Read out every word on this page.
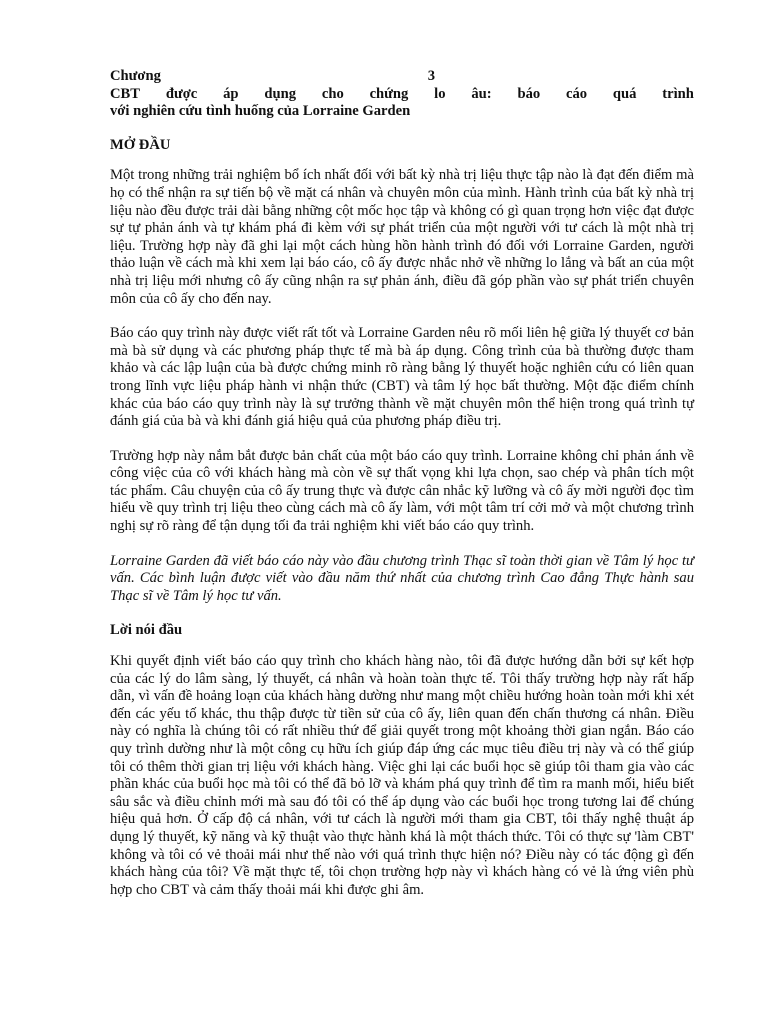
Chương	3
CBT được áp dụng cho chứng lo âu: báo cáo quá trình
với nghiên cứu tình huống của Lorraine Garden
MỞ ĐẦU

Một trong những trải nghiệm bổ ích nhất đối với bất kỳ nhà trị liệu thực tập nào là đạt đến điểm mà họ có thể nhận ra sự tiến bộ về mặt cá nhân và chuyên môn của mình. Hành trình của bất kỳ nhà trị liệu nào đều được trải dài bằng những cột mốc học tập và không có gì quan trọng hơn việc đạt được sự tự phản ánh và tự khám phá đi kèm với sự phát triển của một người với tư cách là một nhà trị liệu. Trường hợp này đã ghi lại một cách hùng hồn hành trình đó đối với Lorraine Garden, người thảo luận về cách mà khi xem lại báo cáo, cô ấy được nhắc nhở về những lo lắng và bất an của một nhà trị liệu mới nhưng cô ấy cũng nhận ra sự phản ánh, điều đã góp phần vào sự phát triển chuyên môn của cô ấy cho đến nay.

Báo cáo quy trình này được viết rất tốt và Lorraine Garden nêu rõ mối liên hệ giữa lý thuyết cơ bản mà bà sử dụng và các phương pháp thực tế mà bà áp dụng. Công trình của bà thường được tham khảo và các lập luận của bà được chứng minh rõ ràng bằng lý thuyết hoặc nghiên cứu có liên quan trong lĩnh vực liệu pháp hành vi nhận thức (CBT) và tâm lý học bất thường. Một đặc điểm chính khác của báo cáo quy trình này là sự trưởng thành về mặt chuyên môn thể hiện trong quá trình tự đánh giá của bà và khi đánh giá hiệu quả của phương pháp điều trị.

Trường hợp này nắm bắt được bản chất của một báo cáo quy trình. Lorraine không chỉ phản ánh về công việc của cô với khách hàng mà còn về sự thất vọng khi lựa chọn, sao chép và phân tích một tác phẩm. Câu chuyện của cô ấy trung thực và được cân nhắc kỹ lưỡng và cô ấy mời người đọc tìm hiểu về quy trình trị liệu theo cùng cách mà cô ấy làm, với một tâm trí cởi mở và một chương trình nghị sự rõ ràng để tận dụng tối đa trải nghiệm khi viết báo cáo quy trình.

Lorraine Garden đã viết báo cáo này vào đầu chương trình Thạc sĩ toàn thời gian về Tâm lý học tư vấn. Các bình luận được viết vào đầu năm thứ nhất của chương trình Cao đẳng Thực hành sau Thạc sĩ về Tâm lý học tư vấn.

Lời nói đầu

Khi quyết định viết báo cáo quy trình cho khách hàng nào, tôi đã được hướng dẫn bởi sự kết hợp của các lý do lâm sàng, lý thuyết, cá nhân và hoàn toàn thực tế. Tôi thấy trường hợp này rất hấp dẫn, vì vấn đề hoảng loạn của khách hàng dường như mang một chiều hướng hoàn toàn mới khi xét đến các yếu tố khác, thu thập được từ tiền sử của cô ấy, liên quan đến chấn thương cá nhân. Điều này có nghĩa là chúng tôi có rất nhiều thứ để giải quyết trong một khoảng thời gian ngắn. Báo cáo quy trình dường như là một công cụ hữu ích giúp đáp ứng các mục tiêu điều trị này và có thể giúp tôi có thêm thời gian trị liệu với khách hàng. Việc ghi lại các buổi học sẽ giúp tôi tham gia vào các phần khác của buổi học mà tôi có thể đã bỏ lỡ và khám phá quy trình để tìm ra manh mối, hiểu biết sâu sắc và điều chỉnh mới mà sau đó tôi có thể áp dụng vào các buổi học trong tương lai để chúng hiệu quả hơn. Ở cấp độ cá nhân, với tư cách là người mới tham gia CBT, tôi thấy nghệ thuật áp dụng lý thuyết, kỹ năng và kỹ thuật vào thực hành khá là một thách thức. Tôi có thực sự 'làm CBT' không và tôi có vẻ thoải mái như thế nào với quá trình thực hiện nó? Điều này có tác động gì đến khách hàng của tôi? Về mặt thực tế, tôi chọn trường hợp này vì khách hàng có vẻ là ứng viên phù hợp cho CBT và cảm thấy thoải mái khi được ghi âm.
